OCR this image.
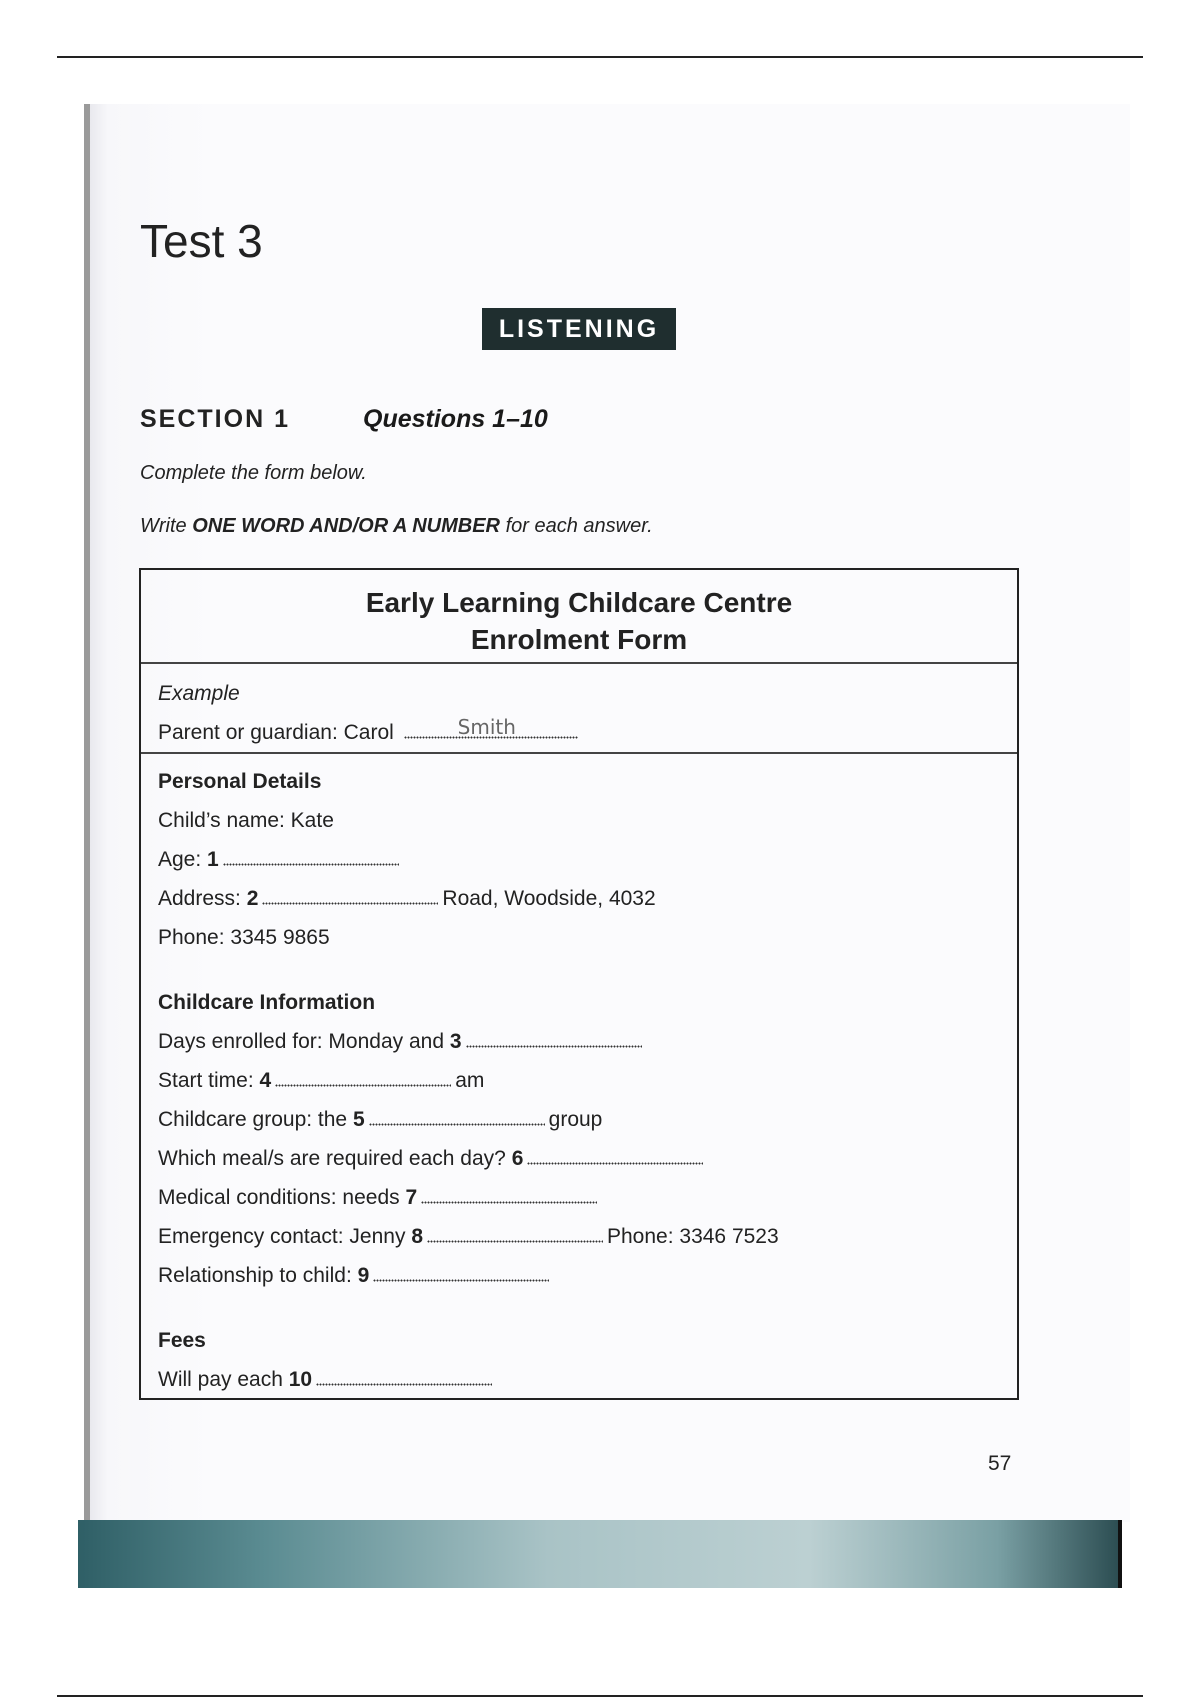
Test 3
LISTENING
SECTION 1	Questions 1–10
Complete the form below.
Write ONE WORD AND/OR A NUMBER for each answer.
Early Learning Childcare Centre
Enrolment Form
Example
Parent or guardian: Carol	Smith
Personal Details
Child’s name: Kate
Age: 1
Address: 2	Road, Woodside, 4032
Phone: 3345 9865
Childcare Information
Days enrolled for: Monday and 3
Start time: 4	am
Childcare group: the 5	group
Which meal/s are required each day? 6
Medical conditions: needs 7
Emergency contact: Jenny 8	Phone: 3346 7523
Relationship to child: 9
Fees
Will pay each 10
57
